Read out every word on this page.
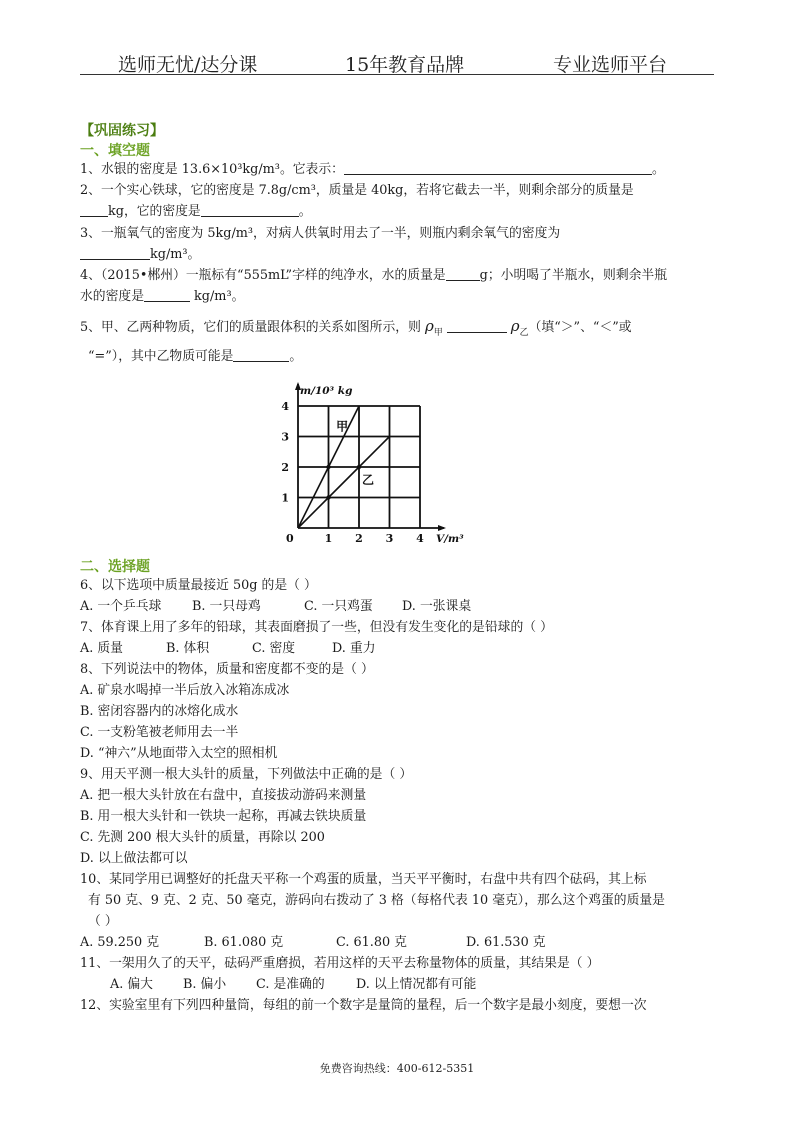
选师无忧/达分课	15年教育品牌	专业选师平台
【巩固练习】
一、填空题
1、水银的密度是 13.6×10³kg/m³。它表示：	。
2、一个实心铁球，它的密度是 7.8g/cm³，质量是 40kg，若将它截去一半，则剩余部分的质量是
kg，它的密度是	。
3、一瓶氧气的密度为 5kg/m³，对病人供氧时用去了一半，则瓶内剩余氧气的密度为
kg/m³。
4、（2015•郴州）一瓶标有“555mL”字样的纯净水，水的质量是	g；小明喝了半瓶水，则剩余半瓶
水的密度是	kg/m³。
5、甲、乙两种物质，它们的质量跟体积的关系如图所示，则 $\rho_甲$	$\rho_乙$（填“＞”、“＜”或
“=”），其中乙物质可能是	。
1 2 3 4
1
2
3
4
0
m/10³ kg
V/m³
甲
乙
二、选择题
6、以下选项中质量最接近 50g 的是（ ）
A. 一个乒乓球 B. 一只母鸡	C. 一只鸡蛋 D. 一张课桌
7、体育课上用了多年的铅球，其表面磨损了一些，但没有发生变化的是铅球的（ ）
A. 质量	B. 体积	C. 密度	D. 重力
8、下列说法中的物体，质量和密度都不变的是（ ）
A. 矿泉水喝掉一半后放入冰箱冻成冰
B. 密闭容器内的冰熔化成水
C. 一支粉笔被老师用去一半
D. “神六”从地面带入太空的照相机
9、用天平测一根大头针的质量，下列做法中正确的是（ ）
A. 把一根大头针放在右盘中，直接拔动游码来测量
B. 用一根大头针和一铁块一起称，再减去铁块质量
C. 先测 200 根大头针的质量，再除以 200
D. 以上做法都可以
10、某同学用已调整好的托盘天平称一个鸡蛋的质量，当天平平衡时，右盘中共有四个砝码，其上标
有 50 克、9 克、2 克、50 毫克，游码向右拨动了 3 格（每格代表 10 毫克），那么这个鸡蛋的质量是
（ ）
A. 59.250 克	B. 61.080 克	C. 61.80 克	D. 61.530 克
11、一架用久了的天平，砝码严重磨损，若用这样的天平去称量物体的质量，其结果是（ ）
A. 偏大 B. 偏小 C. 是准确的 D. 以上情况都有可能
12、实验室里有下列四种量筒，每组的前一个数字是量筒的量程，后一个数字是最小刻度，要想一次
免费咨询热线：400-612-5351
